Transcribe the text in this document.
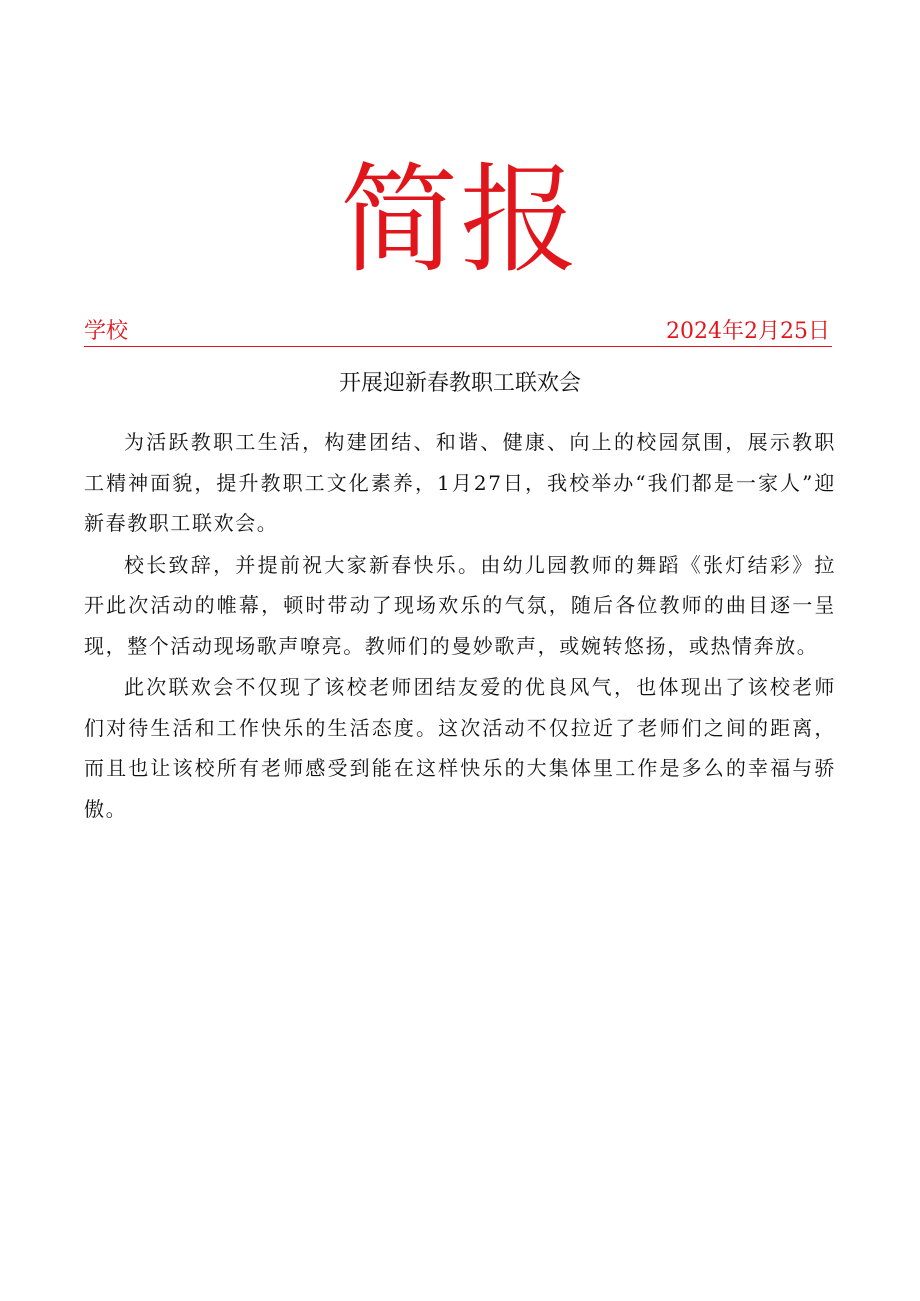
简报
学校	2024年2月25日
开展迎新春教职工联欢会

为活跃教职工生活，构建团结、和谐、健康、向上的校园氛围，展示教职工精神面貌，提升教职工文化素养，1月27日，我校举办“我们都是一家人”迎新春教职工联欢会。

校长致辞，并提前祝大家新春快乐。由幼儿园教师的舞蹈《张灯结彩》拉开此次活动的帷幕，顿时带动了现场欢乐的气氛，随后各位教师的曲目逐一呈现，整个活动现场歌声嘹亮。教师们的曼妙歌声，或婉转悠扬，或热情奔放。

此次联欢会不仅现了该校老师团结友爱的优良风气，也体现出了该校老师们对待生活和工作快乐的生活态度。这次活动不仅拉近了老师们之间的距离，而且也让该校所有老师感受到能在这样快乐的大集体里工作是多么的幸福与骄傲。
